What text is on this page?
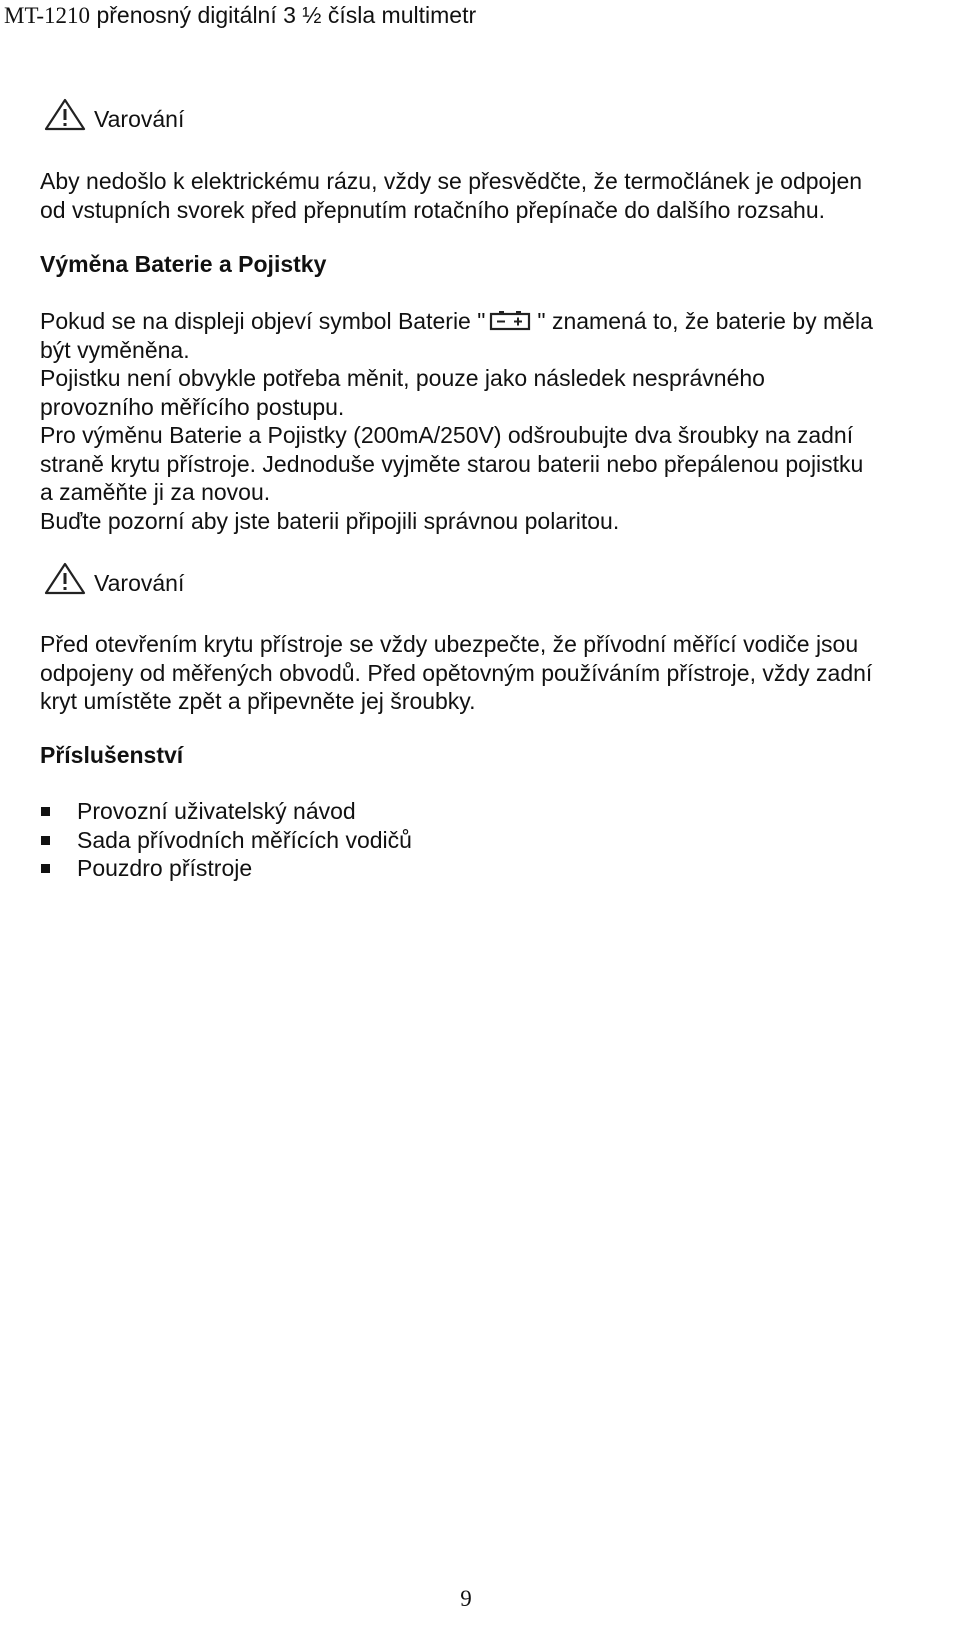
MT-1210 přenosný digitální 3 ½ čísla multimetr
Varování

Aby nedošlo k elektrickému rázu, vždy se přesvědčte, že termočlánek je odpojen
od vstupních svorek před přepnutím rotačního přepínače do dalšího rozsahu.

Výměna Baterie a Pojistky
Pokud se na displeji objeví symbol Baterie " " znamená to, že baterie by měla
být vyměněna.
Pojistku není obvykle potřeba měnit, pouze jako následek nesprávného
provozního měřícího postupu.
Pro výměnu Baterie a Pojistky (200mA/250V) odšroubujte dva šroubky na zadní
straně krytu přístroje. Jednoduše vyjměte starou baterii nebo přepálenou pojistku
a zaměňte ji za novou.
Buďte pozorní aby jste baterii připojili správnou polaritou.
Varování

Před otevřením krytu přístroje se vždy ubezpečte, že přívodní měřící vodiče jsou
odpojeny od měřených obvodů. Před opětovným používáním přístroje, vždy zadní
kryt umístěte zpět a připevněte jej šroubky.

Příslušenství
Provozní uživatelský návod
Sada přívodních měřících vodičů
Pouzdro přístroje
9
